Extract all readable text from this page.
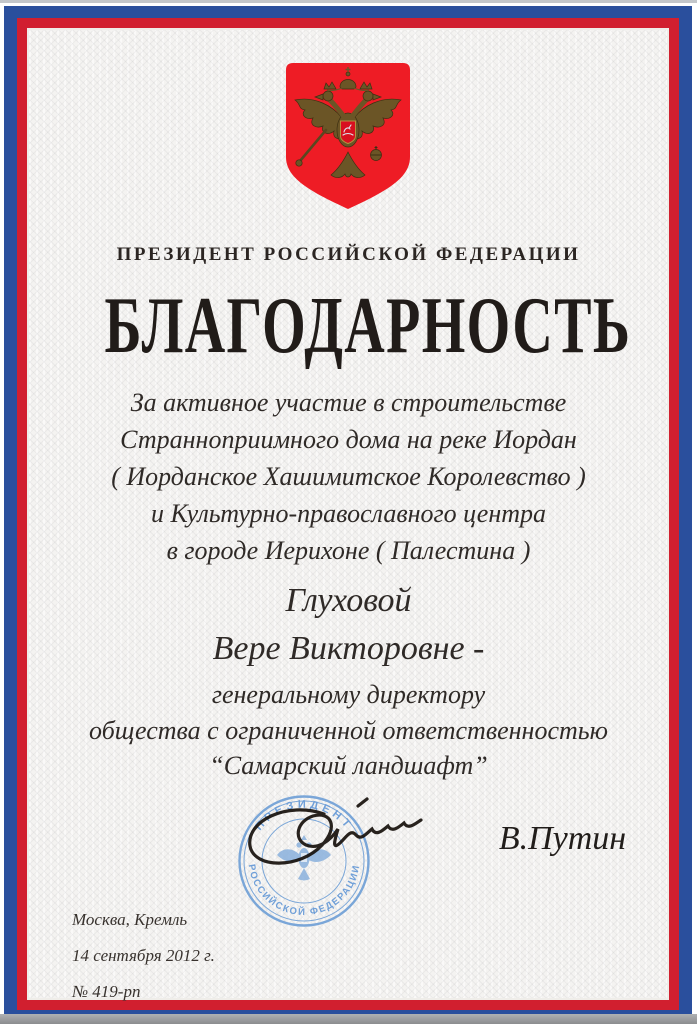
ПРЕЗИДЕНТ РОССИЙСКОЙ ФЕДЕРАЦИИ
БЛАГОДАРНОСТЬ
За активное участие в строительстве
Странноприимного дома на реке Иордан
( Иорданское Хашимитское Королевство )
и Культурно-православного центра
в городе Иерихоне ( Палестина )
Глуховой
Вере Викторовне -
генеральному директору
общества с ограниченной ответственностью
“Самарский ландшафт”
ПРЕЗИДЕНТ
РОССИЙСКОЙ ФЕДЕРАЦИИ
В.Путин
Москва, Кремль
14 сентября 2012 г.
№ 419-рп
